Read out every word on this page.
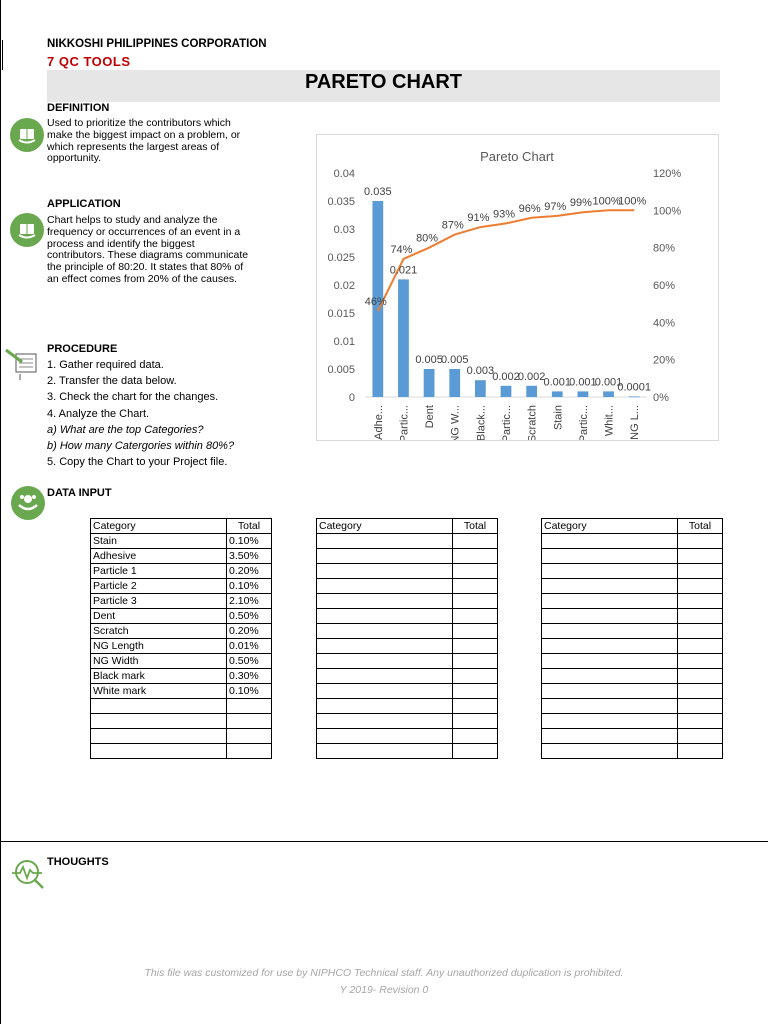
NIKKOSHI PHILIPPINES CORPORATION
7 QC TOOLS
PARETO CHART
DEFINITION
Used to prioritize the contributors which
make the biggest impact on a problem, or
which represents the largest areas of
opportunity.
APPLICATION
Chart helps to study and analyze the
frequency or occurrences of an event in a
process and identify the biggest
contributors. These diagrams communicate
the principle of 80:20. It states that 80% of
an effect comes from 20% of the causes.
PROCEDURE
1. Gather required data.
2. Transfer the data below.
3. Check the chart for the changes.
4. Analyze the Chart.
a) What are the top Categories?
b) How many Catergories within 80%?
5. Copy the Chart to your Project file.
DATA INPUT
Category	Total
Stain	0.10%
Adhesive	3.50%
Particle 1	0.20%
Particle 2	0.10%
Particle 3	2.10%
Dent	0.50%
Scratch	0.20%
NG Length	0.01%
NG Width	0.50%
Black mark	0.30%
White mark	0.10%

Category	Total

		Category	Total

Pareto Chart
0
0.005
0.01
0.015
0.02
0.025
0.03
0.035
0.04
0%
20%
40%
60%
80%
100%
120%
0.035
0.021
0.005
0.005
0.003
0.002
0.002
0.001
0.001
0.001
0.0001
46%
74%
80%
87%
91% 93% 96% 97% 99% 100%
100%
Adhe... Partic... Dent NG W... Black... Partic... Scratch Stain Partic... Whit... NG L...
THOUGHTS
This file was customized for use by NIPHCO Technical staff. Any unauthorized duplication is prohibited.
Y 2019- Revision 0
